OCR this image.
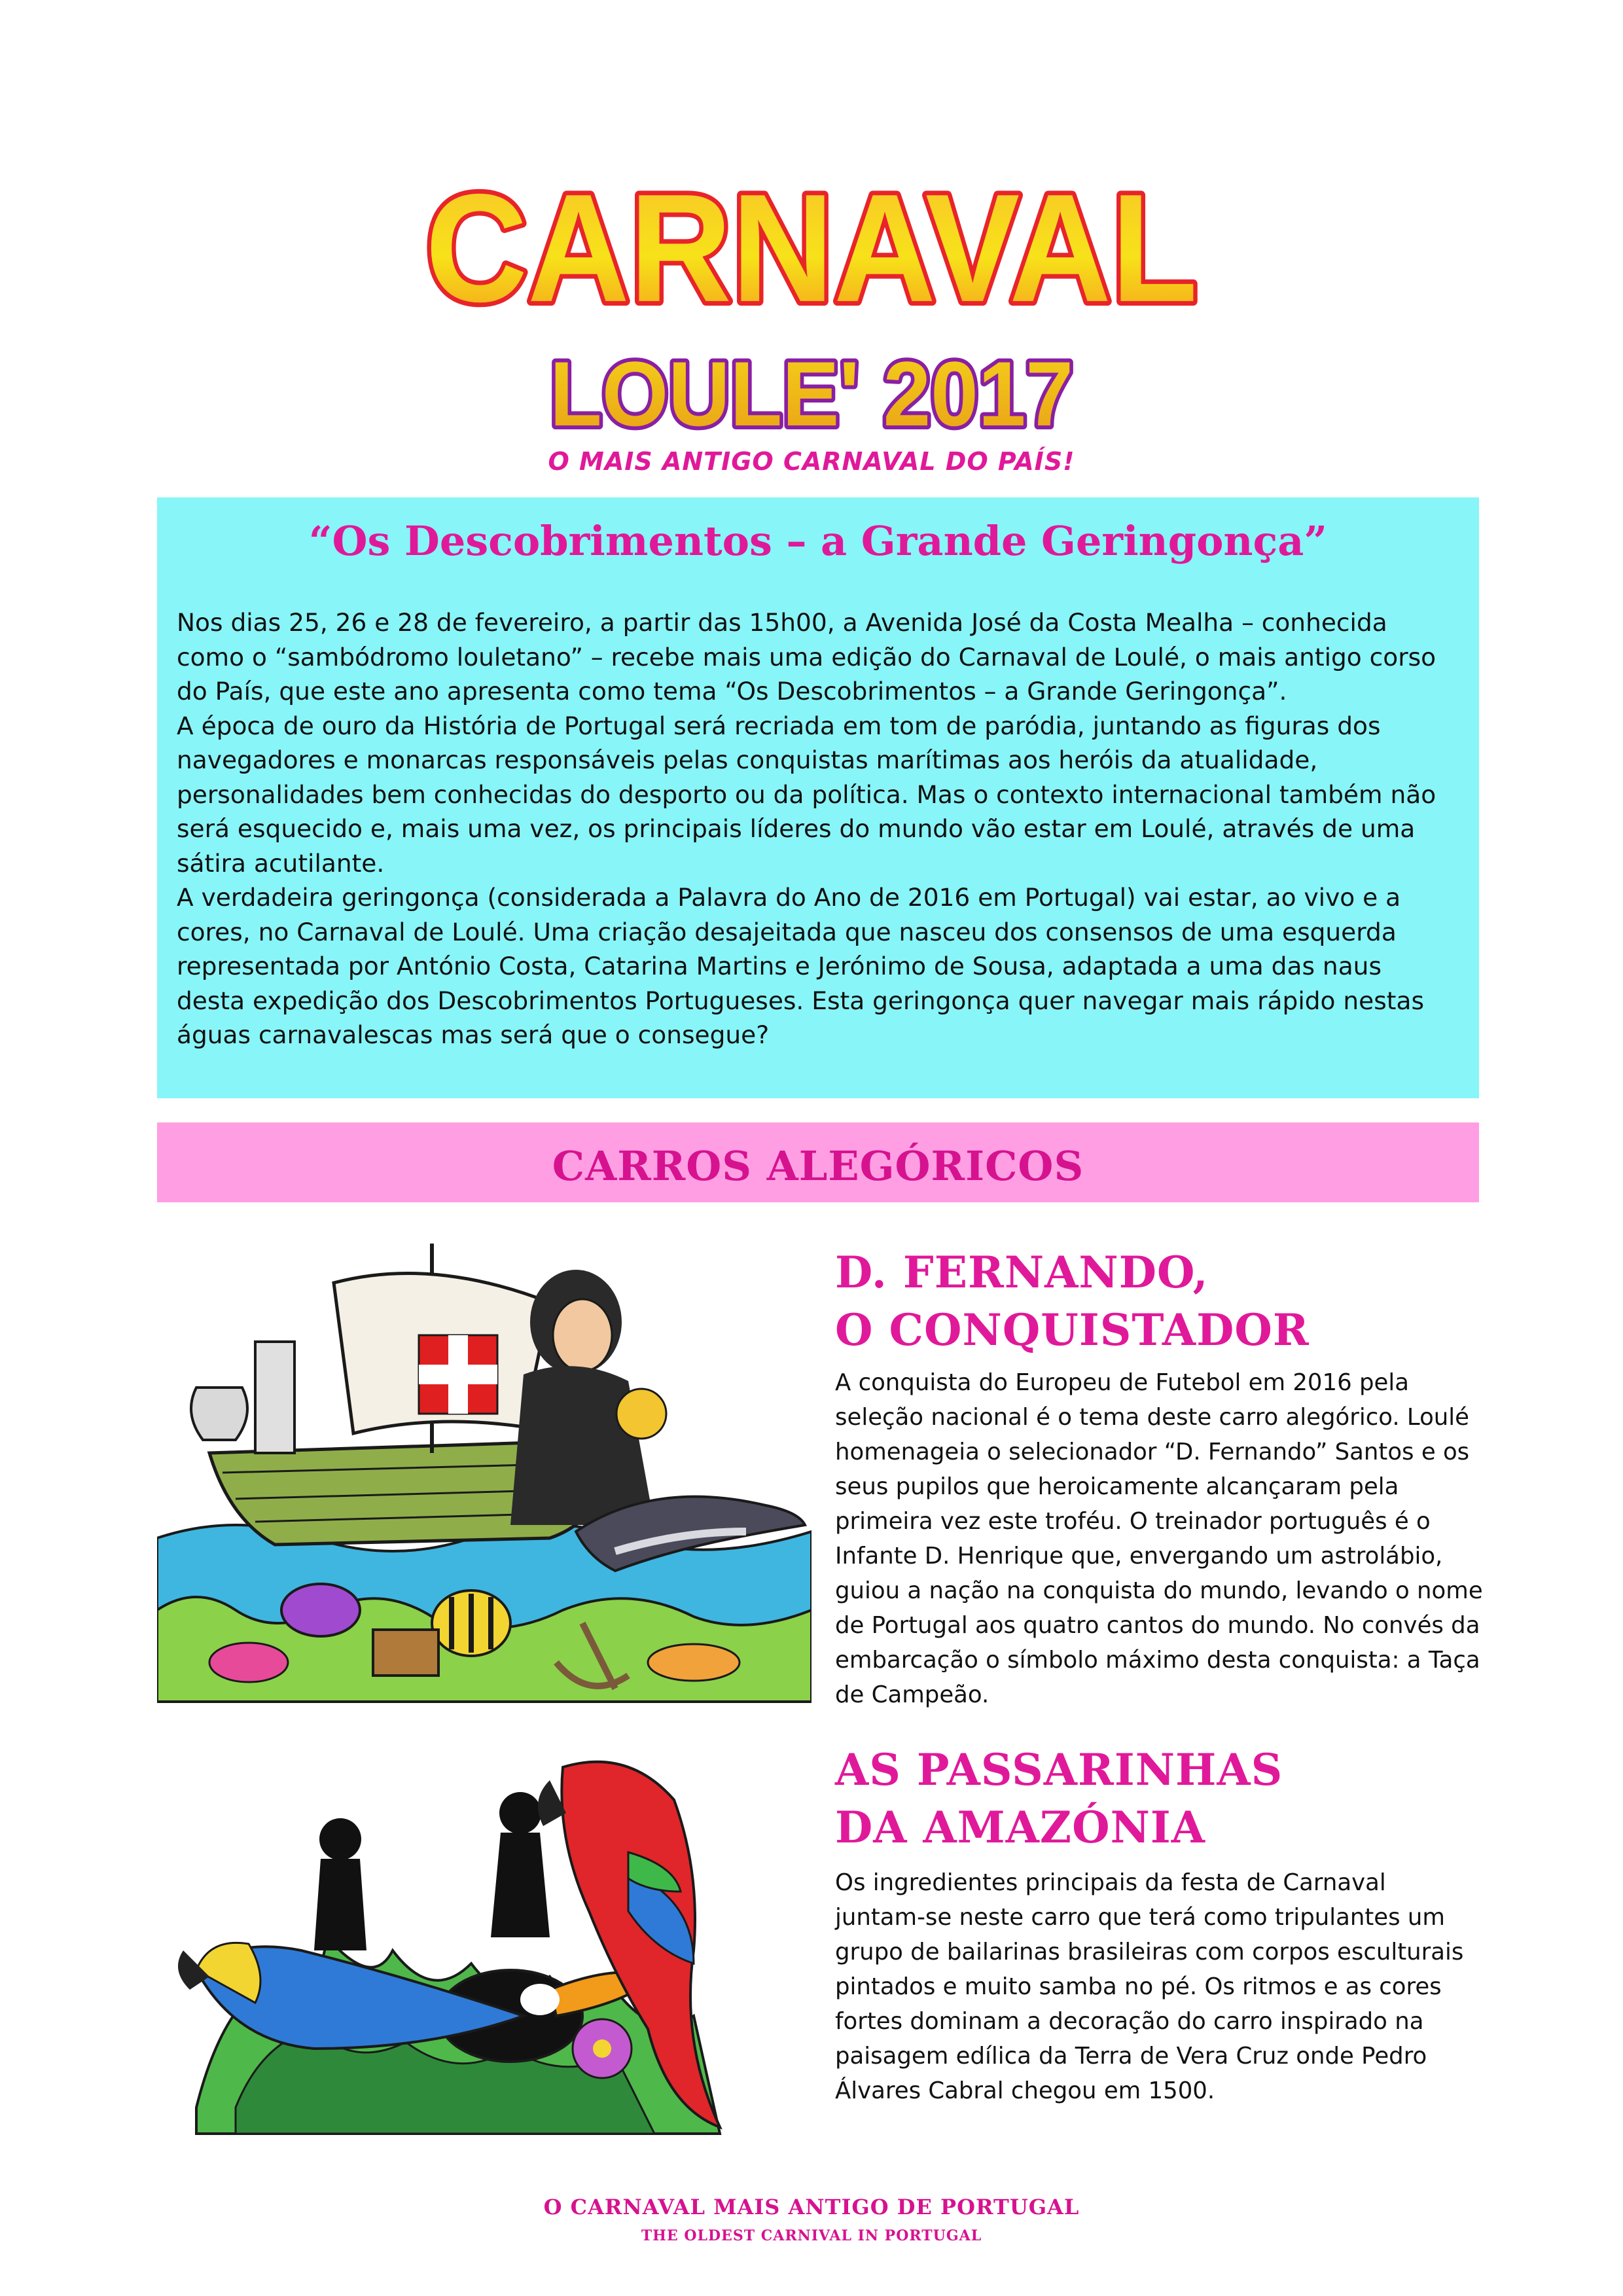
CARNAVAL
LOULE' 2017
O MAIS ANTIGO CARNAVAL DO PAÍS!
“Os Descobrimentos – a Grande Geringonça”

Nos dias 25, 26 e 28 de fevereiro, a partir das 15h00, a Avenida José da Costa Mealha – conhecida como o “sambódromo louletano” – recebe mais uma edição do Carnaval de Loulé, o mais antigo corso do País, que este ano apresenta como tema “Os Descobrimentos – a Grande Geringonça”.

A época de ouro da História de Portugal será recriada em tom de paródia, juntando as figuras dos navegadores e monarcas responsáveis pelas conquistas marítimas aos heróis da atualidade, personalidades bem conhecidas do desporto ou da política. Mas o contexto internacional também não será esquecido e, mais uma vez, os principais líderes do mundo vão estar em Loulé, através de uma sátira acutilante.

A verdadeira geringonça (considerada a Palavra do Ano de 2016 em Portugal) vai estar, ao vivo e a cores, no Carnaval de Loulé. Uma criação desajeitada que nasceu dos consensos de uma esquerda representada por António Costa, Catarina Martins e Jerónimo de Sousa, adaptada a uma das naus desta expedição dos Descobrimentos Portugueses. Esta geringonça quer navegar mais rápido nestas águas carnavalescas mas será que o consegue?

CARROS ALEGÓRICOS
D. FERNANDO,
O CONQUISTADOR
A conquista do Europeu de Futebol em 2016 pela seleção nacional é o tema deste carro alegórico. Loulé homenageia o selecionador “D. Fernando” Santos e os seus pupilos que heroicamente alcançaram pela primeira vez este troféu. O treinador português é o Infante D. Henrique que, envergando um astrolábio, guiou a nação na conquista do mundo, levando o nome de Portugal aos quatro cantos do mundo. No convés da embarcação o símbolo máximo desta conquista: a Taça de Campeão.
AS PASSARINHAS
DA AMAZÓNIA
Os ingredientes principais da festa de Carnaval juntam-se neste carro que terá como tripulantes um grupo de bailarinas brasileiras com corpos esculturais pintados e muito samba no pé. Os ritmos e as cores fortes dominam a decoração do carro inspirado na paisagem edílica da Terra de Vera Cruz onde Pedro Álvares Cabral chegou em 1500.
O CARNAVAL MAIS ANTIGO DE PORTUGAL
THE OLDEST CARNIVAL IN PORTUGAL
